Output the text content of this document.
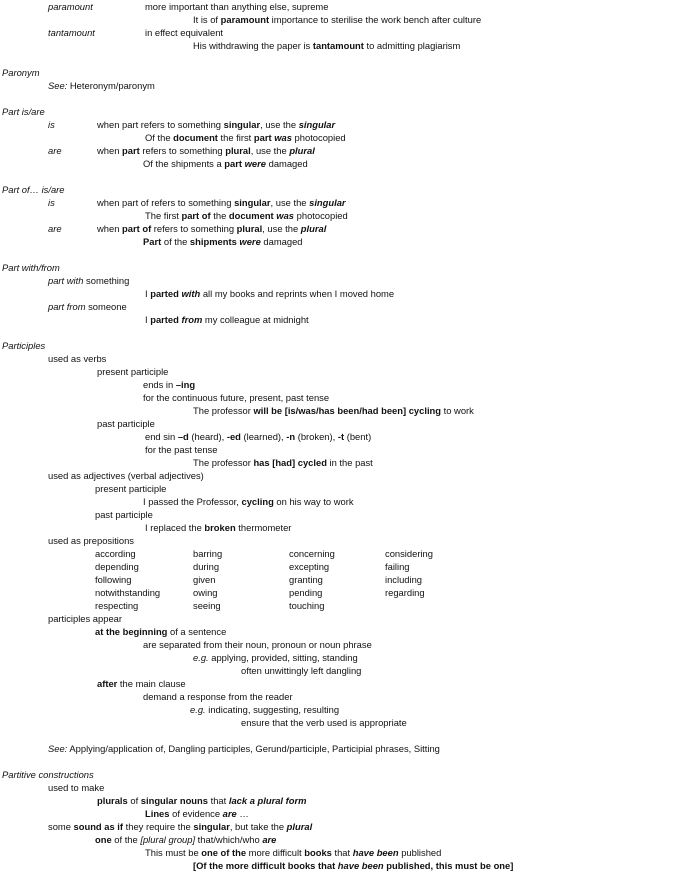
paramount	more important than anything else, supreme
It is of paramount importance to sterilise the work bench after culture
tantamount	in effect equivalent
His withdrawing the paper is tantamount to admitting plagiarism
Paronym
See: Heteronym/paronym
Part is/are
is	when part refers to something singular, use the singular
Of the document the first part was photocopied
are	when part refers to something plural, use the plural
Of the shipments a part were damaged
Part of… is/are
is	when part of refers to something singular, use the singular
The first part of the document was photocopied
are	when part of refers to something plural, use the plural
Part of the shipments were damaged
Part with/from
part with something
I parted with all my books and reprints when I moved home
part from someone
I parted from my colleague at midnight
Participles
used as verbs
present participle
ends in –ing
for the continuous future, present, past tense
The professor will be [is/was/has been/had been] cycling to work
past participle
end sin –d (heard), -ed (learned), -n (broken), -t (bent)
for the past tense
The professor has [had] cycled in the past
used as adjectives (verbal adjectives)
present participle
I passed the Professor, cycling on his way to work
past participle
I replaced the broken thermometer
used as prepositions
participles appear
at the beginning of a sentence
are separated from their noun, pronoun or noun phrase
e.g. applying, provided, sitting, standing
often unwittingly left dangling
after the main clause
demand a response from the reader
e.g. indicating, suggesting, resulting
ensure that the verb used is appropriate
See: Applying/application of, Dangling participles, Gerund/participle, Participial phrases, Sitting
Partitive constructions
used to make
plurals of singular nouns that lack a plural form
Lines of evidence are …
some sound as if they require the singular, but take the plural
one of the [plural group] that/which/who are
This must be one of the more difficult books that have been published
[Of the more difficult books that have been published, this must be one]
according	barring	concerning	considering
depending	during	excepting	failing
following	given	granting	including
notwithstanding	owing	pending	regarding
respecting	seeing	touching
